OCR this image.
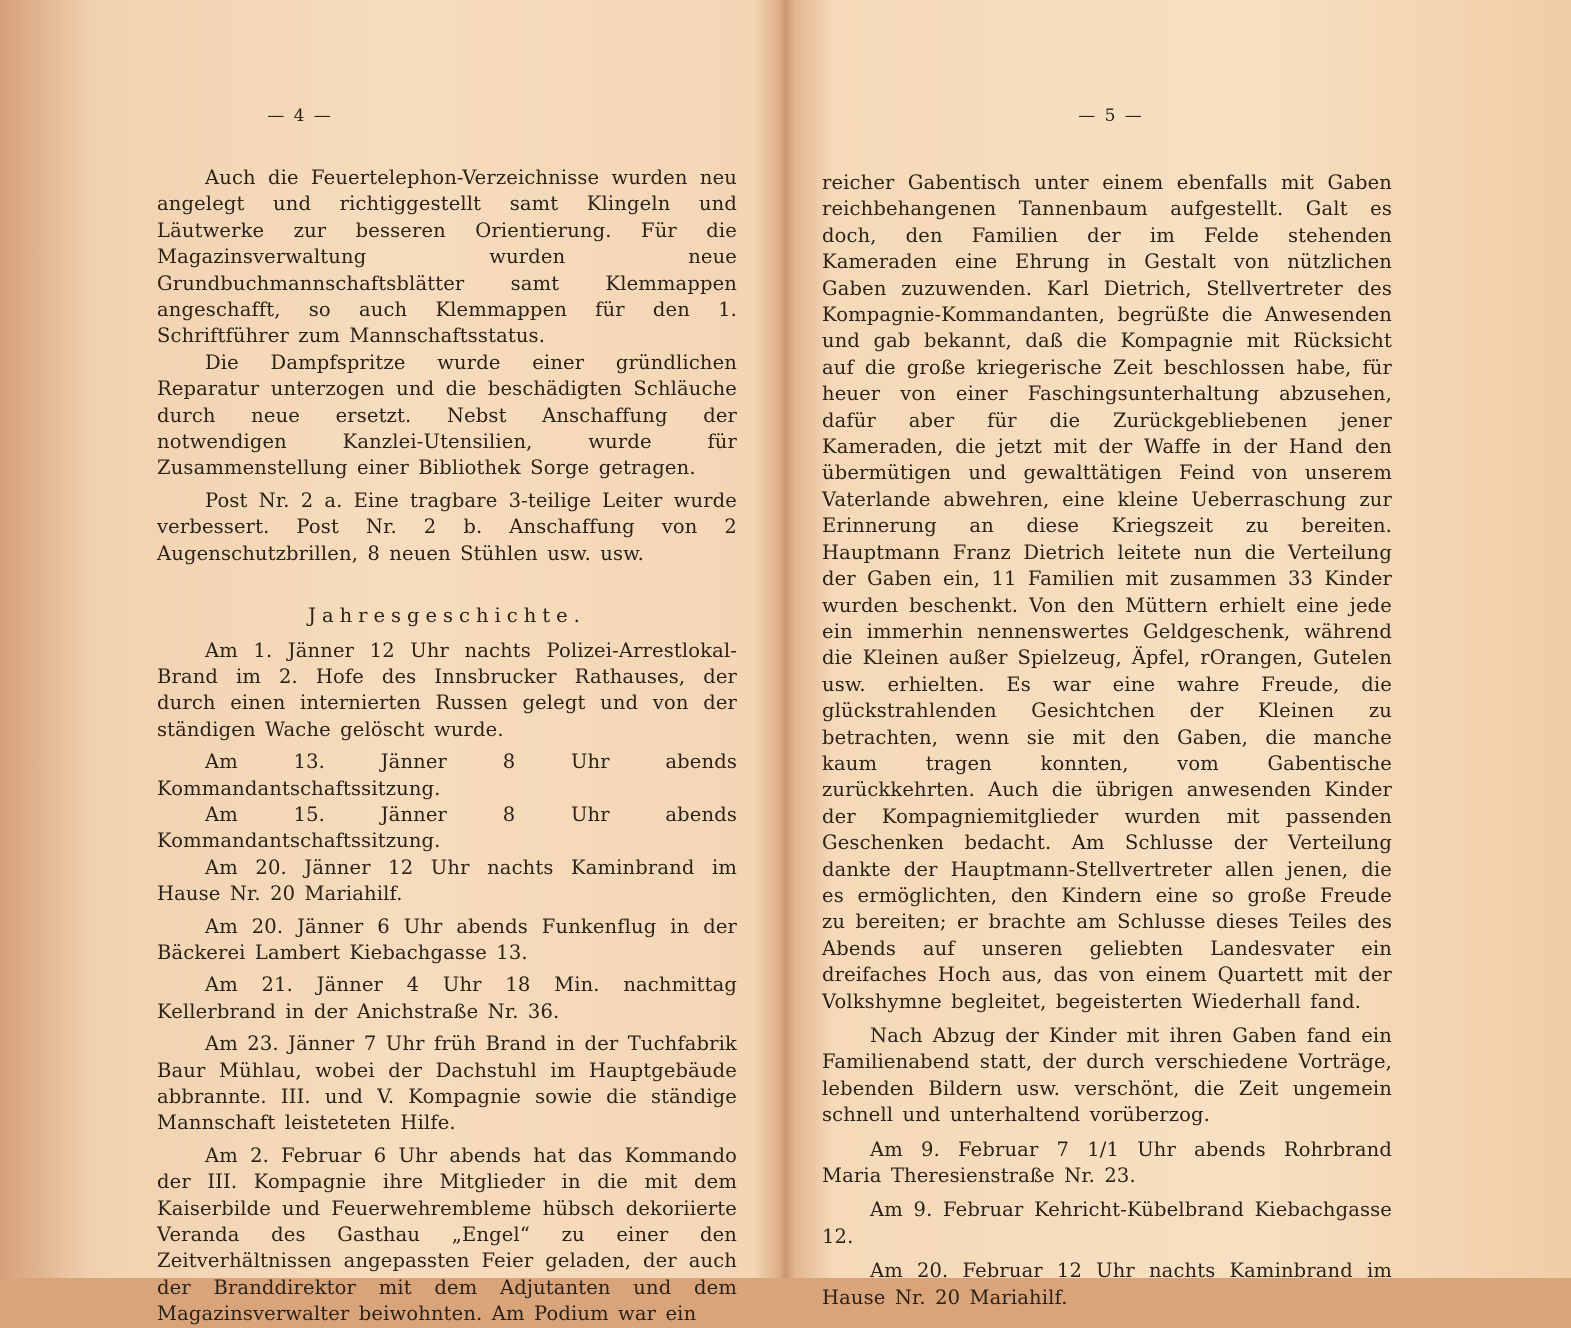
— 4 —

Auch die Feuertelephon-Verzeichnisse wurden neu angelegt und richtiggestellt samt Klingeln und Läutwerke zur besseren Orientierung. Für die Magazinsverwaltung wurden neue Grundbuchmannschaftsblätter samt Klemmappen angeschafft, so auch Klemmappen für den 1. Schriftführer zum Mannschaftsstatus.

Die Dampfspritze wurde einer gründlichen Reparatur unterzogen und die beschädigten Schläuche durch neue ersetzt. Nebst Anschaffung der notwendigen Kanzlei-Utensilien, wurde für Zusammenstellung einer Bibliothek Sorge getragen.

Post Nr. 2 a. Eine tragbare 3-teilige Leiter wurde verbessert. Post Nr. 2 b. Anschaffung von 2 Augenschutzbrillen, 8 neuen Stühlen usw. usw.

Jahresgeschichte.

Am 1. Jänner 12 Uhr nachts Polizei-Arrestlokal-Brand im 2. Hofe des Innsbrucker Rathauses, der durch einen internierten Russen gelegt und von der ständigen Wache gelöscht wurde.

Am 13. Jänner 8 Uhr abends Kommandantschaftssitzung.

Am 15. Jänner 8 Uhr abends Kommandantschaftssitzung.

Am 20. Jänner 12 Uhr nachts Kaminbrand im Hause Nr. 20 Mariahilf.

Am 20. Jänner 6 Uhr abends Funkenflug in der Bäckerei Lambert Kiebachgasse 13.

Am 21. Jänner 4 Uhr 18 Min. nachmittag Kellerbrand in der Anichstraße Nr. 36.

Am 23. Jänner 7 Uhr früh Brand in der Tuchfabrik Baur Mühlau, wobei der Dachstuhl im Hauptgebäude abbrannte. III. und V. Kompagnie sowie die ständige Mannschaft leisteteten Hilfe.

Am 2. Februar 6 Uhr abends hat das Kommando der III. Kompagnie ihre Mitglieder in die mit dem Kaiserbilde und Feuerwehrembleme hübsch dekoriierte Veranda des Gasthau „Engel“ zu einer den Zeitverhältnissen angepassten Feier geladen, der auch der Branddirektor mit dem Adjutanten und dem Magazinsverwalter beiwohnten. Am Podium war ein

— 5 —

reicher Gabentisch unter einem ebenfalls mit Gaben reichbehangenen Tannenbaum aufgestellt. Galt es doch, den Familien der im Felde stehenden Kameraden eine Ehrung in Gestalt von nützlichen Gaben zuzuwenden. Karl Dietrich, Stellvertreter des Kompagnie-Kommandanten, begrüßte die Anwesenden und gab bekannt, daß die Kompagnie mit Rücksicht auf die große kriegerische Zeit beschlossen habe, für heuer von einer Faschingsunterhaltung abzusehen, dafür aber für die Zurückgebliebenen jener Kameraden, die jetzt mit der Waffe in der Hand den übermütigen und gewalttätigen Feind von unserem Vaterlande abwehren, eine kleine Ueberraschung zur Erinnerung an diese Kriegszeit zu bereiten. Hauptmann Franz Dietrich leitete nun die Verteilung der Gaben ein, 11 Familien mit zusammen 33 Kinder wurden beschenkt. Von den Müttern erhielt eine jede ein immerhin nennenswertes Geldgeschenk, während die Kleinen außer Spielzeug, Äpfel, rOrangen, Gutelen usw. erhielten. Es war eine wahre Freude, die glückstrahlenden Gesichtchen der Kleinen zu betrachten, wenn sie mit den Gaben, die manche kaum tragen konnten, vom Gabentische zurückkehrten. Auch die übrigen anwesenden Kinder der Kompagniemitglieder wurden mit passenden Geschenken bedacht. Am Schlusse der Verteilung dankte der Hauptmann-Stellvertreter allen jenen, die es ermöglichten, den Kindern eine so große Freude zu bereiten; er brachte am Schlusse dieses Teiles des Abends auf unseren geliebten Landesvater ein dreifaches Hoch aus, das von einem Quartett mit der Volkshymne begleitet, begeisterten Wiederhall fand.

Nach Abzug der Kinder mit ihren Gaben fand ein Familienabend statt, der durch verschiedene Vorträge, lebenden Bildern usw. verschönt, die Zeit ungemein schnell und unterhaltend vorüberzog.

Am 9. Februar 7 1/1 Uhr abends Rohrbrand Maria Theresienstraße Nr. 23.

Am 9. Februar Kehricht-Kübelbrand Kiebachgasse 12.

Am 20. Februar 12 Uhr nachts Kaminbrand im Hause Nr. 20 Mariahilf.
